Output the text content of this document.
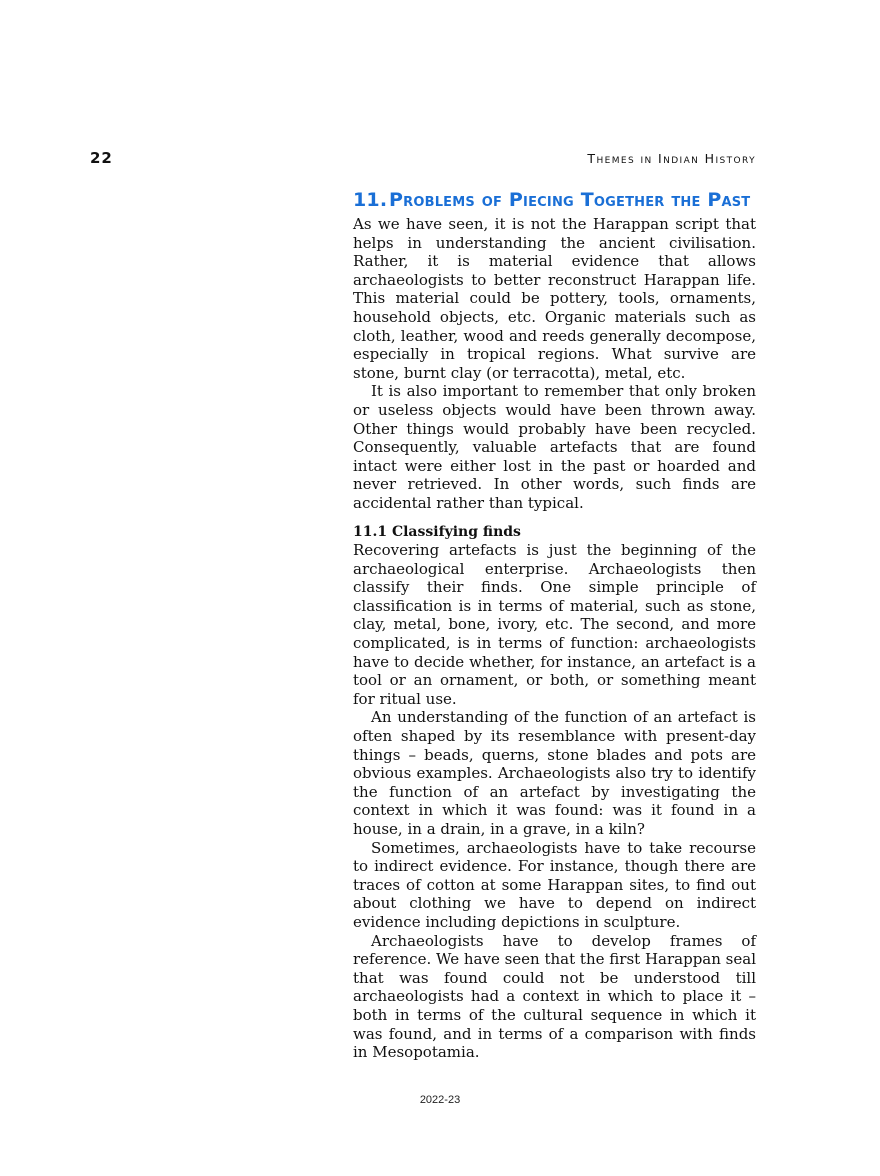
22	Themes in Indian History
11. Problems of Piecing Together the Past

As we have seen, it is not the Harappan script that helps in understanding the ancient civilisation. Rather, it is material evidence that allows archaeologists to better reconstruct Harappan life. This material could be pottery, tools, ornaments, household objects, etc. Organic materials such as cloth, leather, wood and reeds generally decompose, especially in tropical regions. What survive are stone, burnt clay (or terracotta), metal, etc.

It is also important to remember that only broken or useless objects would have been thrown away. Other things would probably have been recycled. Consequently, valuable artefacts that are found intact were either lost in the past or hoarded and never retrieved. In other words, such finds are accidental rather than typical.

11.1 Classifying finds

Recovering artefacts is just the beginning of the archaeological enterprise. Archaeologists then classify their finds. One simple principle of classification is in terms of material, such as stone, clay, metal, bone, ivory, etc. The second, and more complicated, is in terms of function: archaeologists have to decide whether, for instance, an artefact is a tool or an ornament, or both, or something meant for ritual use.

An understanding of the function of an artefact is often shaped by its resemblance with present-day things – beads, querns, stone blades and pots are obvious examples. Archaeologists also try to identify the function of an artefact by investigating the context in which it was found: was it found in a house, in a drain, in a grave, in a kiln?

Sometimes, archaeologists have to take recourse to indirect evidence. For instance, though there are traces of cotton at some Harappan sites, to find out about clothing we have to depend on indirect evidence including depictions in sculpture.

Archaeologists have to develop frames of reference. We have seen that the first Harappan seal that was found could not be understood till archaeologists had a context in which to place it – both in terms of the cultural sequence in which it was found, and in terms of a comparison with finds in Mesopotamia.

2022-23
